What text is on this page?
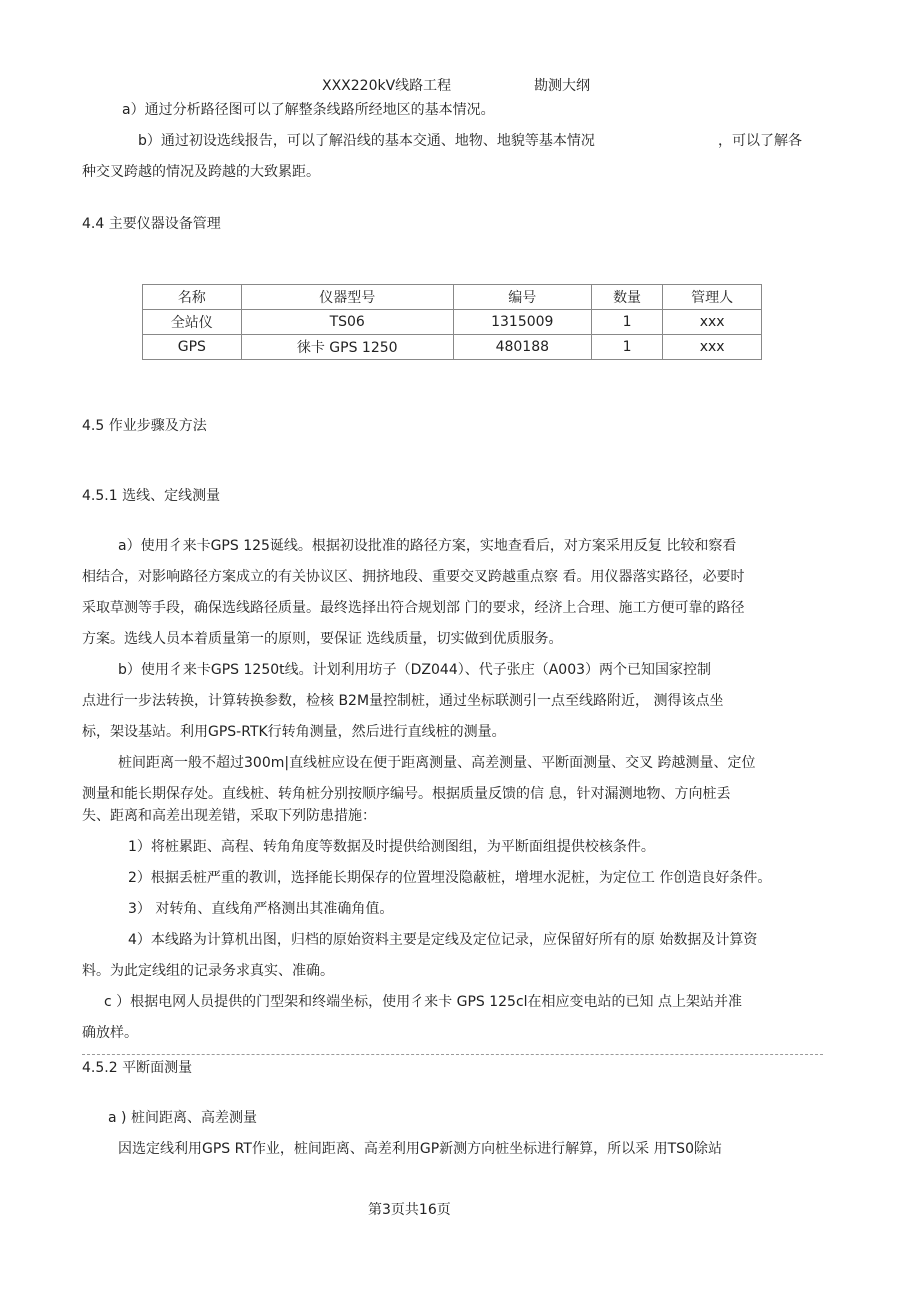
XXX220kV线路工程	勘测大纲
a）通过分析路径图可以了解整条线路所经地区的基本情况。
b）通过初设选线报告，可以了解沿线的基本交通、地物、地貌等基本情况	，可以了解各
种交叉跨越的情况及跨越的大致累距。
4.4 主要仪器设备管理
名称	仪器型号	编号	数量	管理人
全站仪	TS06	1315009	1	xxx
GPS	徕卡 GPS 1250	480188	1	xxx
4.5 作业步骤及方法
4.5.1 选线、定线测量
a）使用彳来卡GPS 125诞线。根据初设批准的路径方案，实地查看后，对方案采用反复 比较和察看
相结合，对影响路径方案成立的有关协议区、拥挤地段、重要交叉跨越重点察 看。用仪器落实路径，必要时
采取草测等手段，确保选线路径质量。最终选择出符合规划部 门的要求，经济上合理、施工方便可靠的路径
方案。选线人员本着质量第一的原则，要保证 选线质量，切实做到优质服务。
b）使用彳来卡GPS 1250t线。计划利用坊子（DZ044）、代子张庄（A003）两个已知国家控制
点进行一步法转换，计算转换参数，检核 B2M量控制桩，通过坐标联测引一点至线路附近， 测得该点坐
标，架设基站。利用GPS-RTK行转角测量，然后进行直线桩的测量。
桩间距离一般不超过300m|直线桩应设在便于距离测量、高差测量、平断面测量、交叉 跨越测量、定位
测量和能长期保存处。直线桩、转角桩分别按顺序编号。根据质量反馈的信 息，针对漏测地物、方向桩丢
失、距离和高差出现差错，采取下列防患措施：
1）将桩累距、高程、转角角度等数据及时提供给测图组，为平断面组提供校核条件。
2）根据丢桩严重的教训，选择能长期保存的位置埋没隐蔽桩，增埋水泥桩，为定位工 作创造良好条件。
3） 对转角、直线角严格测出其准确角值。
4）本线路为计算机出图，归档的原始资料主要是定线及定位记录，应保留好所有的原 始数据及计算资
料。为此定线组的记录务求真实、准确。
c ）根据电网人员提供的门型架和终端坐标，使用彳来卡 GPS 125cl在相应变电站的已知 点上架站并准
确放样。
4.5.2 平断面测量
a ) 桩间距离、高差测量
因选定线利用GPS RT作业，桩间距离、高差利用GP新测方向桩坐标进行解算，所以采 用TS0除站
第3页共16页
